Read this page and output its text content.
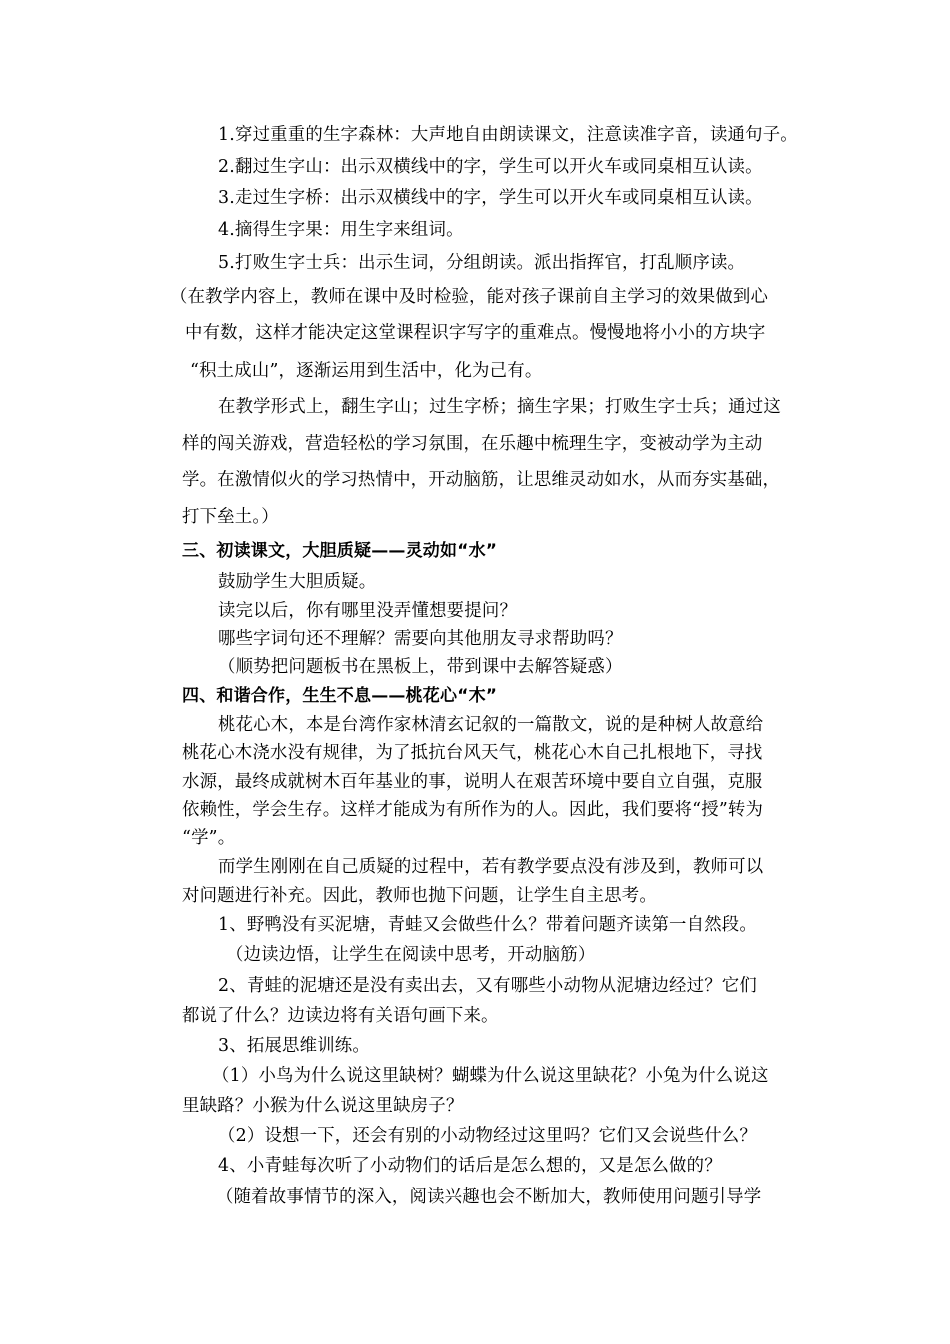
1.穿过重重的生字森林：大声地自由朗读课文，注意读准字音，读通句子。

2.翻过生字山：出示双横线中的字，学生可以开火车或同桌相互认读。

3.走过生字桥：出示双横线中的字，学生可以开火车或同桌相互认读。

4.摘得生字果：用生字来组词。

5.打败生字士兵：出示生词，分组朗读。派出指挥官，打乱顺序读。

（在教学内容上，教师在课中及时检验，能对孩子课前自主学习的效果做到心

中有数，这样才能决定这堂课程识字写字的重难点。慢慢地将小小的方块字

“积土成山”，逐渐运用到生活中，化为己有。

在教学形式上，翻生字山；过生字桥；摘生字果；打败生字士兵；通过这

样的闯关游戏，营造轻松的学习氛围，在乐趣中梳理生字，变被动学为主动

学。在激情似火的学习热情中，开动脑筋，让思维灵动如水，从而夯实基础，

打下垒土。）

三、初读课文，大胆质疑——灵动如“水”

鼓励学生大胆质疑。

读完以后，你有哪里没弄懂想要提问？

哪些字词句还不理解？需要向其他朋友寻求帮助吗？

（顺势把问题板书在黑板上，带到课中去解答疑惑）

四、和谐合作，生生不息——桃花心“木”

桃花心木，本是台湾作家林清玄记叙的一篇散文，说的是种树人故意给

桃花心木浇水没有规律，为了抵抗台风天气，桃花心木自己扎根地下，寻找

水源，最终成就树木百年基业的事，说明人在艰苦环境中要自立自强，克服

依赖性，学会生存。这样才能成为有所作为的人。因此，我们要将“授”转为

“学”。

而学生刚刚在自己质疑的过程中，若有教学要点没有涉及到，教师可以

对问题进行补充。因此，教师也抛下问题，让学生自主思考。

1、野鸭没有买泥塘，青蛙又会做些什么？带着问题齐读第一自然段。

（边读边悟，让学生在阅读中思考，开动脑筋）

2、青蛙的泥塘还是没有卖出去，又有哪些小动物从泥塘边经过？它们

都说了什么？边读边将有关语句画下来。

3、拓展思维训练。

（1）小鸟为什么说这里缺树？蝴蝶为什么说这里缺花？小兔为什么说这

里缺路？小猴为什么说这里缺房子？

（2）设想一下，还会有别的小动物经过这里吗？它们又会说些什么？

4、小青蛙每次听了小动物们的话后是怎么想的，又是怎么做的？

（随着故事情节的深入，阅读兴趣也会不断加大，教师使用问题引导学
